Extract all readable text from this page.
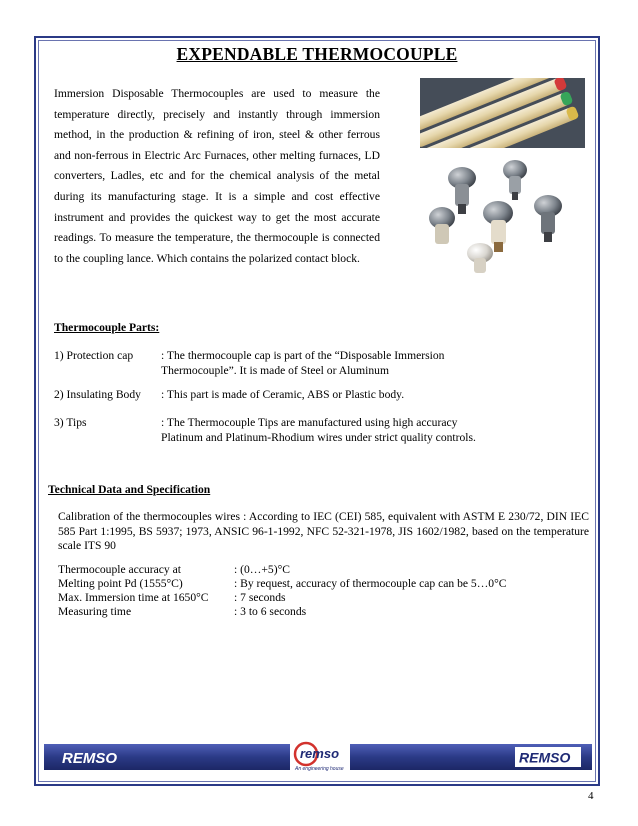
EXPENDABLE THERMOCOUPLE
Immersion Disposable Thermocouples are used to measure the temperature directly, precisely and instantly through immersion method, in the production & refining of iron, steel & other ferrous and non-ferrous in Electric Arc Furnaces, other melting furnaces, LD converters, Ladles, etc and for the chemical analysis of the metal during its manufacturing stage. It is a simple and cost effective instrument and provides the quickest way to get the most accurate readings. To measure the temperature, the thermocouple is connected to the coupling lance. Which contains the polarized contact block.
Thermocouple Parts:
1) Protection cap : The thermocouple cap is part of the “Disposable Immersion Thermocouple”. It is made of Steel or Aluminum
2) Insulating Body : This part is made of Ceramic, ABS or Plastic body.
3) Tips	: The Thermocouple Tips are manufactured using high accuracy Platinum and Platinum-Rhodium wires under strict quality controls.
Technical Data and Specification
Calibration of the thermocouples wires : According to IEC (CEI) 585, equivalent with ASTM E 230/72, DIN IEC 585 Part 1:1995, BS 5937; 1973, ANSIC 96-1-1992, NFC 52-321-1978, JIS 1602/1982, based on the temperature scale ITS 90
Thermocouple accuracy at	: (0…+5)°C
Melting point Pd (1555°C)	: By request, accuracy of thermocouple cap can be 5…0°C
Max. Immersion time at 1650°C : 7 seconds
Measuring time	: 3 to 6 seconds
REMSO	REMSO
remso
An engineering house
4
